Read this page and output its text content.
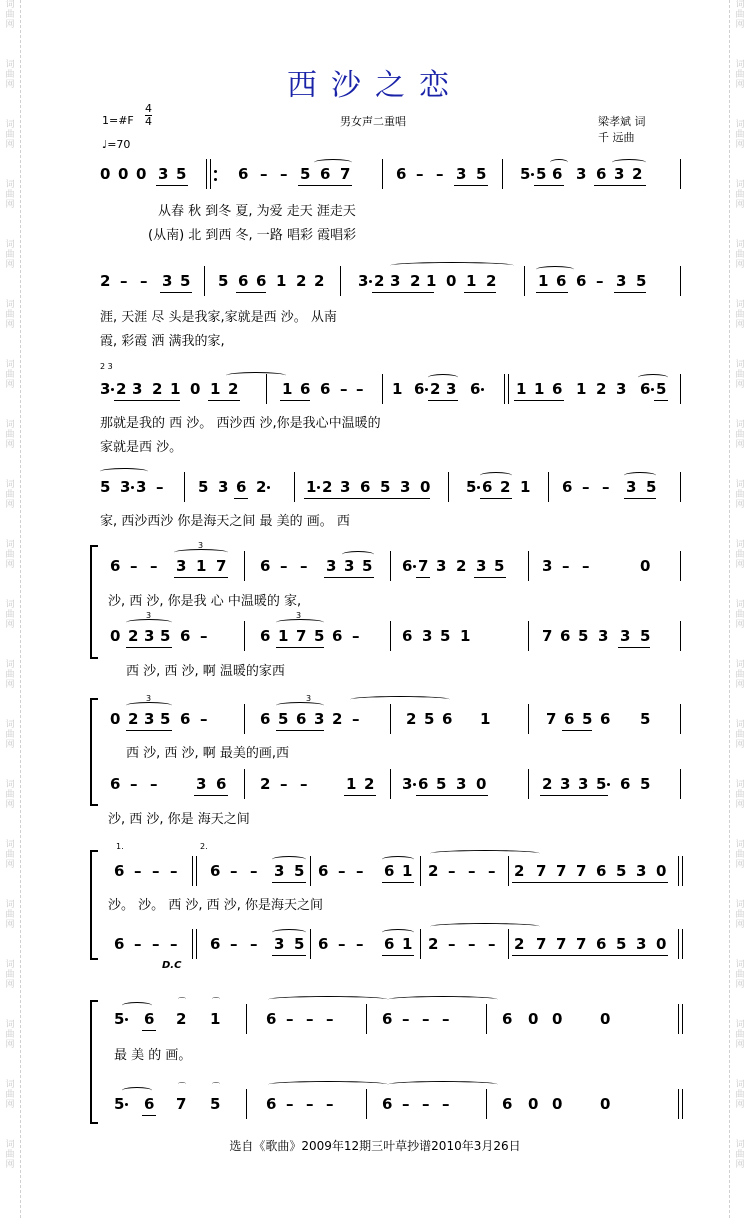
词
曲
网
词
曲
网
词
曲
网
词
曲
网
词
曲
网
词
曲
网
词
曲
网
词
曲
网
词
曲
网
词
曲
网
词
曲
网
词
曲
网
词
曲
网
词
曲
网
词
曲
网
词
曲
网
词
曲
网
词
曲
网
词
曲
网
词
曲
网
词
曲
网
词
曲
网
词
曲
网
词
曲
网
词
曲
网
词
曲
网
词
曲
网
词
曲
网
词
曲
网
词
曲
网
词
曲
网
词
曲
网
词
曲
网
词
曲
网
词
曲
网
词
曲
网
词
曲
网
词
曲
网
词
曲
网
词
曲
网
西沙之恋
1=#F $\frac{4}{4}$
♩=70
男女声二重唱	梁孝斌 词
千 远曲
0 0 0 3 5	6 – – 5 6 7	6 – – 3 5 5 5 6 3 6 3 2
从春 秋 到冬 夏, 为爱 走天 涯走天
(从南) 北 到西 冬, 一路 唱彩 霞唱彩
2 – – 3 5 5 6 6 1 2 2 3 2 3 2 1 0 1 2	1 6 6 – 3 5
涯, 天涯 尽 头是我家,家就是西 沙。 从南
霞, 彩霞 洒 满我的家,
2 3
3 2 3 2 1 0 1 2	1 6 6 – – 1 6 2 3 6 1 1 6 1 2 3 6 5
那就是我的 西 沙。 西沙西 沙,你是我心中温暖的
家就是西 沙。
5 3 3 – 5 3 6 2	1 2 3 6 5 3 0 5 6 2 1 6 – – 3 5
家, 西沙西沙 你是海天之间 最 美的 画。 西
6 – – 3 1 7
3
6 – – 3 3 5 6 7 3 2 3 5	3 – –	0
沙, 西 沙, 你是我 心 中温暖的 家,
0 2 3 5 6 –
3
6 1 7 5 6 –
3
6 3 5 1	7 6 5 3 3 5
西 沙, 西 沙, 啊 温暖的家西
0 2 3 5 6 –
3
6 5 6 3 2 –
3
2 5 6 1	7 6 5 6 5
西 沙, 西 沙, 啊 最美的画,西
6 – –	3 6 2 – –	1 2 3 6 5 3 0	2 3 3 5 6 5
沙, 西 沙, 你是 海天之间
1.	2.
6 – – – 6 – – 3 5 6 – – 6 1 2 – – – 2 7 7 7 6 5 3 0
沙。 沙。 西 沙, 西 沙, 你是海天之间
6 – – – 6 – – 3 5 6 – – 6 1 2 – – – 2 7 7 7 6 5 3 0
D.C
5 6 2 1
⌒	⌒
6 – – –	6 – – –	6 0 0	0
最 美 的 画。
5 6 7 5
⌒	⌒
6 – – –	6 – – –	6 0 0	0
选自《歌曲》2009年12期三叶草抄谱2010年3月26日
